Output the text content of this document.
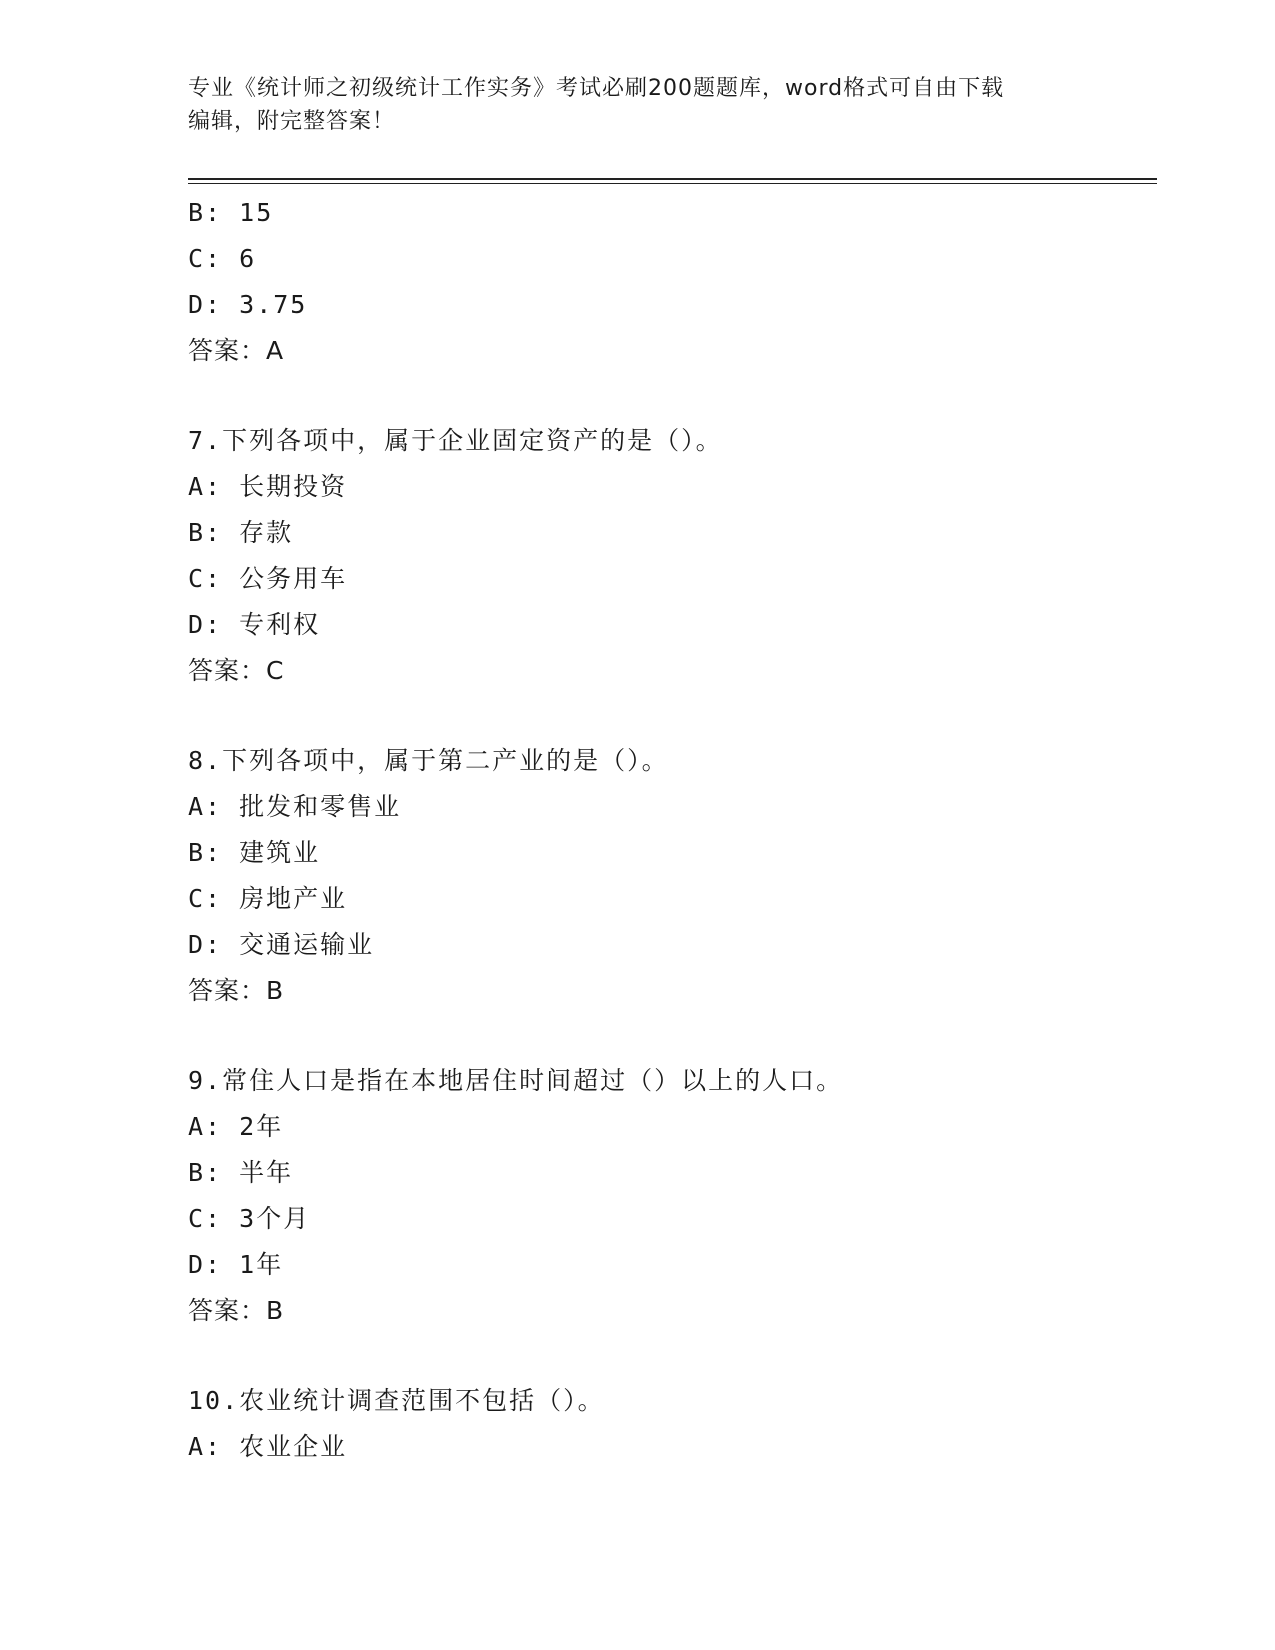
专业《统计师之初级统计工作实务》考试必刷200题题库，word格式可自由下载
编辑，附完整答案！
B: 15
C: 6
D: 3.75
答案：A
7.下列各项中，属于企业固定资产的是（）。
A: 长期投资
B: 存款
C: 公务用车
D: 专利权
答案：C
8.下列各项中，属于第二产业的是（）。
A: 批发和零售业
B: 建筑业
C: 房地产业
D: 交通运输业
答案：B
9.常住人口是指在本地居住时间超过（）以上的人口。
A: 2年
B: 半年
C: 3个月
D: 1年
答案：B
10.农业统计调查范围不包括（）。
A: 农业企业
